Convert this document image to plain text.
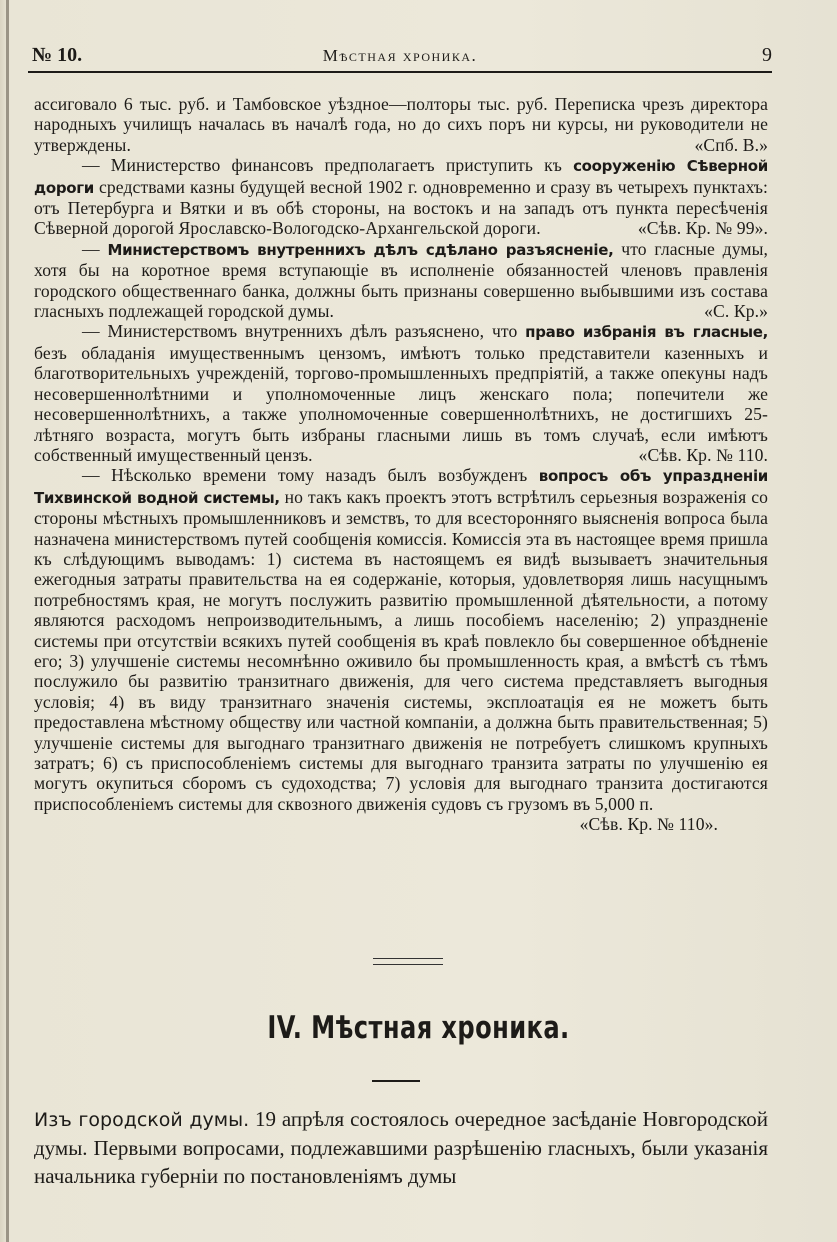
№ 10.	Мѣстная хроника.	9

ассиговало 6 тыс. руб. и Тамбовское уѣздное—полторы тыс. руб. Переписка чрезъ директора народныхъ училищъ началась въ началѣ года, но до сихъ поръ ни курсы, ни руководители не утверждены.	«Спб. В.»

— Министерство финансовъ предполагаетъ приступить къ сооруженію Сѣверной дороги средствами казны будущей весной 1902 г. одновременно и сразу въ четырехъ пунктахъ: отъ Петербурга и Вятки и въ обѣ стороны, на востокъ и на западъ отъ пункта пересѣченія Сѣверной дорогой Ярославско-Вологодско-Архангельской дороги.	«Сѣв. Кр. № 99».

— Министерствомъ внутреннихъ дѣлъ сдѣлано разъясненіе, что гласные думы, хотя бы на коротное время вступающіе въ исполненіе обязанностей членовъ правленія городского общественнаго банка, должны быть признаны совершенно выбывшими изъ состава гласныхъ подлежащей городской думы.	«С. Кр.»

— Министерствомъ внутреннихъ дѣлъ разъяснено, что право избранія въ гласные, безъ обладанія имущественнымъ цензомъ, имѣютъ только представители казенныхъ и благотворительныхъ учрежденій, торгово-промышленныхъ предпріятій, а также опекуны надъ несовершеннолѣтними и уполномоченные лицъ женскаго пола; попечители же несовершеннолѣтнихъ, а также уполномоченные совершеннолѣтнихъ, не достигшихъ 25-лѣтняго возраста, могутъ быть избраны гласными лишь въ томъ случаѣ, если имѣютъ собственный имущественный цензъ.	«Сѣв. Кр. № 110.

— Нѣсколько времени тому назадъ былъ возбужденъ вопросъ объ упраздненіи Тихвинской водной системы, но такъ какъ проектъ этотъ встрѣтилъ серьезныя возраженія со стороны мѣстныхъ промышленниковъ и земствъ, то для всесторонняго выясненія вопроса была назначена министерствомъ путей сообщенія комиссія. Комиссія эта въ настоящее время пришла къ слѣдующимъ выводамъ: 1) система въ настоящемъ ея видѣ вызываетъ значительныя ежегодныя затраты правительства на ея содержаніе, которыя, удовлетворяя лишь насущнымъ потребностямъ края, не могутъ послужить развитію промышленной дѣятельности, а потому являются расходомъ непроизводительнымъ, а лишь пособіемъ населенію; 2) упраздненіе системы при отсутствіи всякихъ путей сообщенія въ краѣ повлекло бы совершенное обѣдненіе его; 3) улучшеніе системы несомнѣнно оживило бы промышленность края, а вмѣстѣ съ тѣмъ послужило бы развитію транзитнаго движенія, для чего система представляетъ выгодныя условія; 4) въ виду транзитнаго значенія системы, эксплоатація ея не можетъ быть предоставлена мѣстному обществу или частной компаніи, а должна быть правительственная; 5) улучшеніе системы для выгоднаго транзитнаго движенія не потребуетъ слишкомъ крупныхъ затратъ; 6) съ приспособленіемъ системы для выгоднаго транзита затраты по улучшенію ея могутъ окупиться сборомъ съ судоходства; 7) условія для выгоднаго транзита достигаются приспособленіемъ системы для сквозного движенія судовъ съ грузомъ въ 5,000 п.

«Сѣв. Кр. № 110».

IV. Мѣстная хроника.
Изъ городской думы. 19 апрѣля состоялось очередное засѣданіе Новгородской думы. Первыми вопросами, подлежавшими разрѣшенію гласныхъ, были указанія начальника губерніи по постановленіямъ думы
